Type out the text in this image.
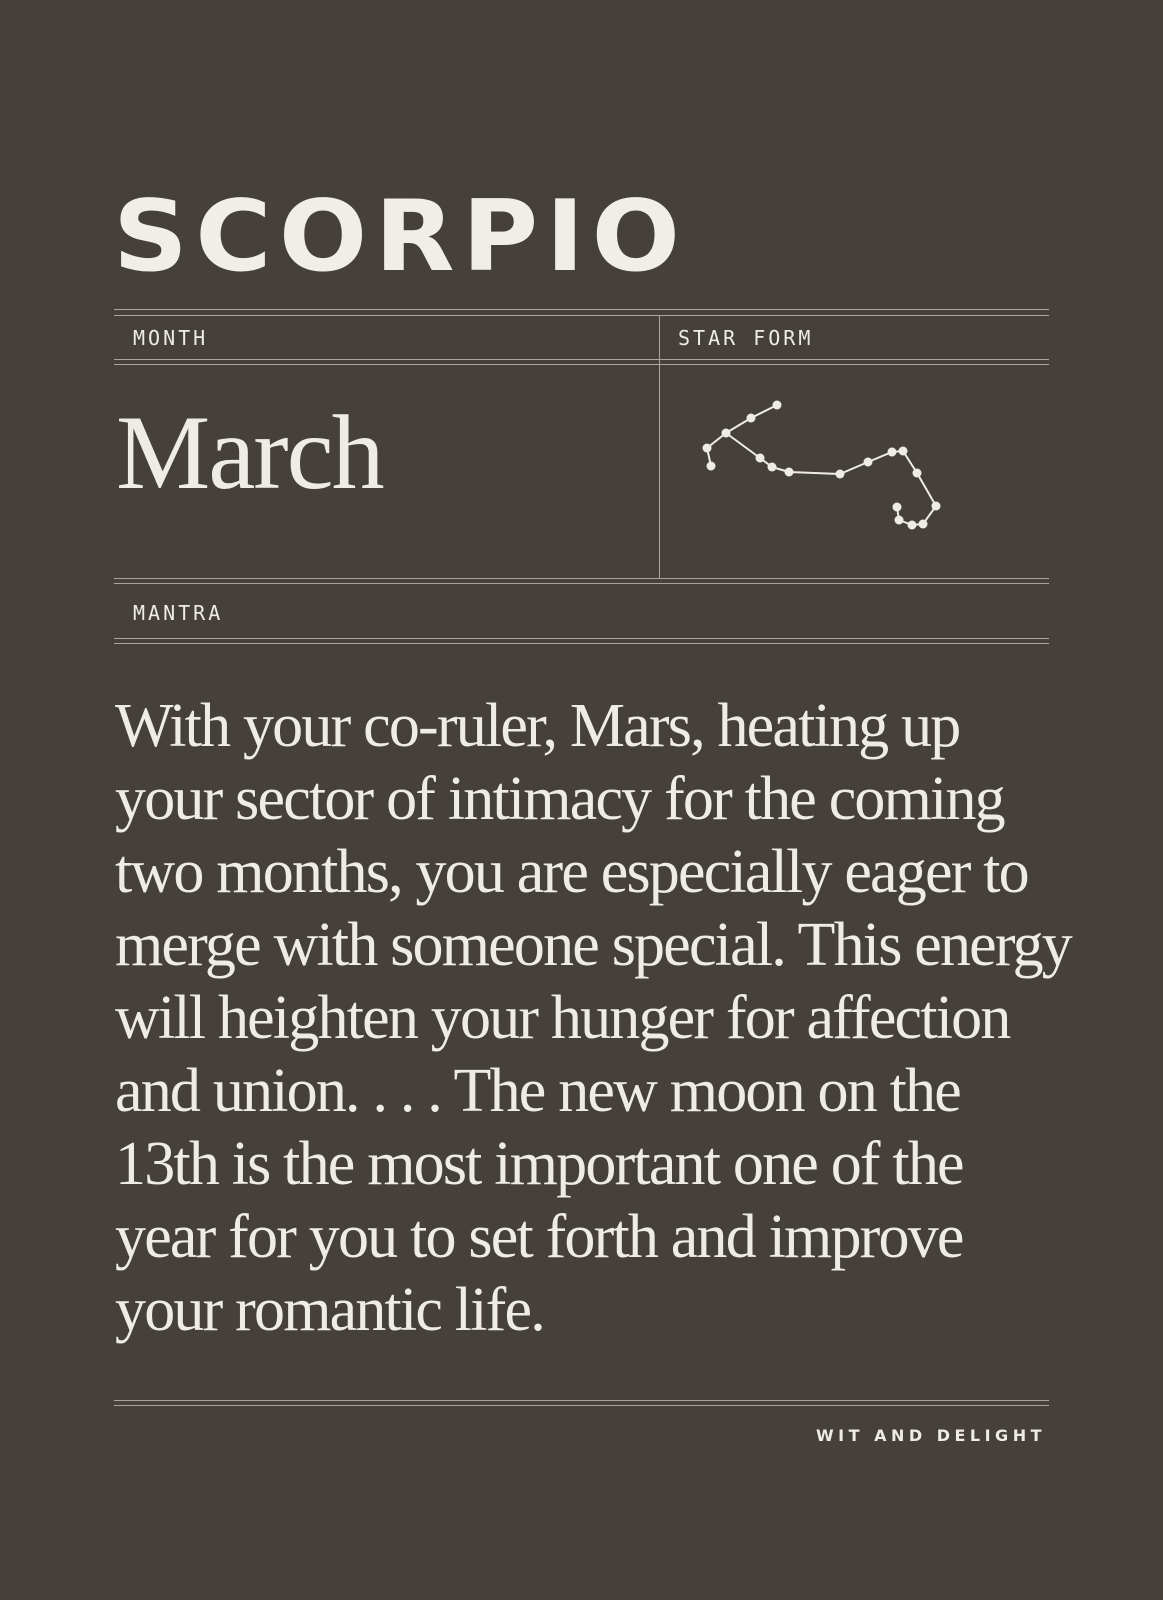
SCORPIO
MONTH	STAR FORM
March
MANTRA

With your co-ruler, Mars, heating up your sector of intimacy for the coming two months, you are especially eager to merge with someone special. This energy will heighten your hunger for affection and union. . . . The new moon on the 13th is the most important one of the year for you to set forth and improve your romantic life.

WIT AND DELIGHT
